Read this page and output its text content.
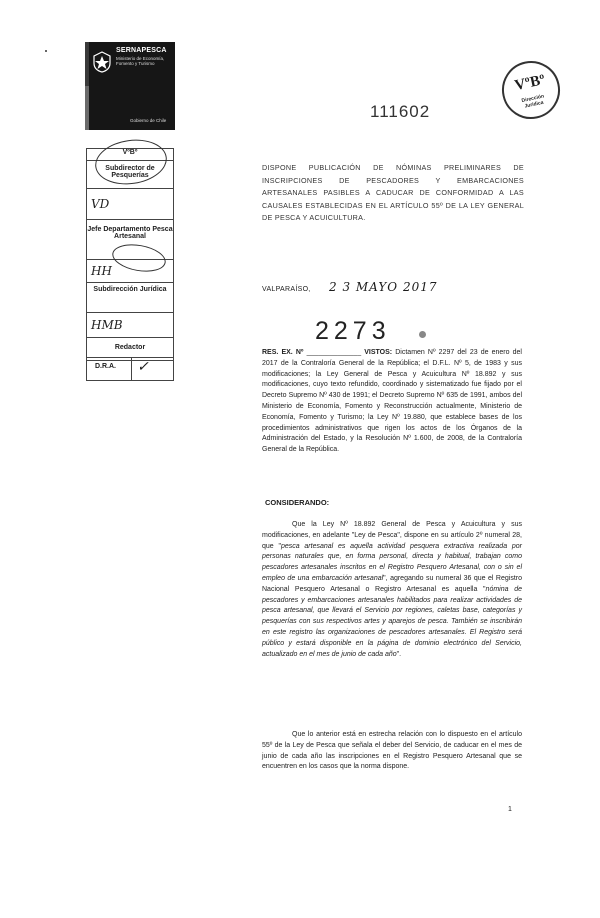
SERNAPESCA
Ministerio de Economía, Fomento y Turismo
Gobierno de Chile	111602
VºBº
Dirección Jurídica
VºBº
Subdirector de Pesquerías
VD
Jefe Departamento Pesca Artesanal
HH
Subdirección Jurídica
HMB
Redactor
D.R.A. ✓
DISPONE PUBLICACIÓN DE NÓMINAS PRELIMINARES DE INSCRIPCIONES DE PESCADORES Y EMBARCACIONES ARTESANALES PASIBLES A CADUCAR DE CONFORMIDAD A LAS CAUSALES ESTABLECIDAS EN EL ARTÍCULO 55º DE LA LEY GENERAL DE PESCA Y ACUICULTURA.
VALPARAÍSO, 2 3 MAYO 2017
2273
RES. EX. Nº ______________ VISTOS: Dictamen Nº 2297 del 23 de enero del 2017 de la Contraloría General de la República; el D.F.L. Nº 5, de 1983 y sus modificaciones; la Ley General de Pesca y Acuicultura Nº 18.892 y sus modificaciones, cuyo texto refundido, coordinado y sistematizado fue fijado por el Decreto Supremo Nº 430 de 1991; el Decreto Supremo Nº 635 de 1991, ambos del Ministerio de Economía, Fomento y Reconstrucción actualmente, Ministerio de Economía, Fomento y Turismo; la Ley Nº 19.880, que establece bases de los procedimientos administrativos que rigen los actos de los Órganos de la Administración del Estado, y la Resolución Nº 1.600, de 2008, de la Contraloría General de la República.
CONSIDERANDO:
Que la Ley Nº 18.892 General de Pesca y Acuicultura y sus modificaciones, en adelante "Ley de Pesca", dispone en su artículo 2º numeral 28, que "pesca artesanal es aquella actividad pesquera extractiva realizada por personas naturales que, en forma personal, directa y habitual, trabajan como pescadores artesanales inscritos en el Registro Pesquero Artesanal, con o sin el empleo de una embarcación artesanal", agregando su numeral 36 que el Registro Nacional Pesquero Artesanal o Registro Artesanal es aquella "nómina de pescadores y embarcaciones artesanales habilitados para realizar actividades de pesca artesanal, que llevará el Servicio por regiones, caletas base, categorías y pesquerías con sus respectivos artes y aparejos de pesca. También se inscribirán en este registro las organizaciones de pescadores artesanales. El Registro será público y estará disponible en la página de dominio electrónico del Servicio, actualizado en el mes de junio de cada año".
Que lo anterior está en estrecha relación con lo dispuesto en el artículo 55º de la Ley de Pesca que señala el deber del Servicio, de caducar en el mes de junio de cada año las inscripciones en el Registro Pesquero Artesanal que se encuentren en los casos que la norma dispone.
1
